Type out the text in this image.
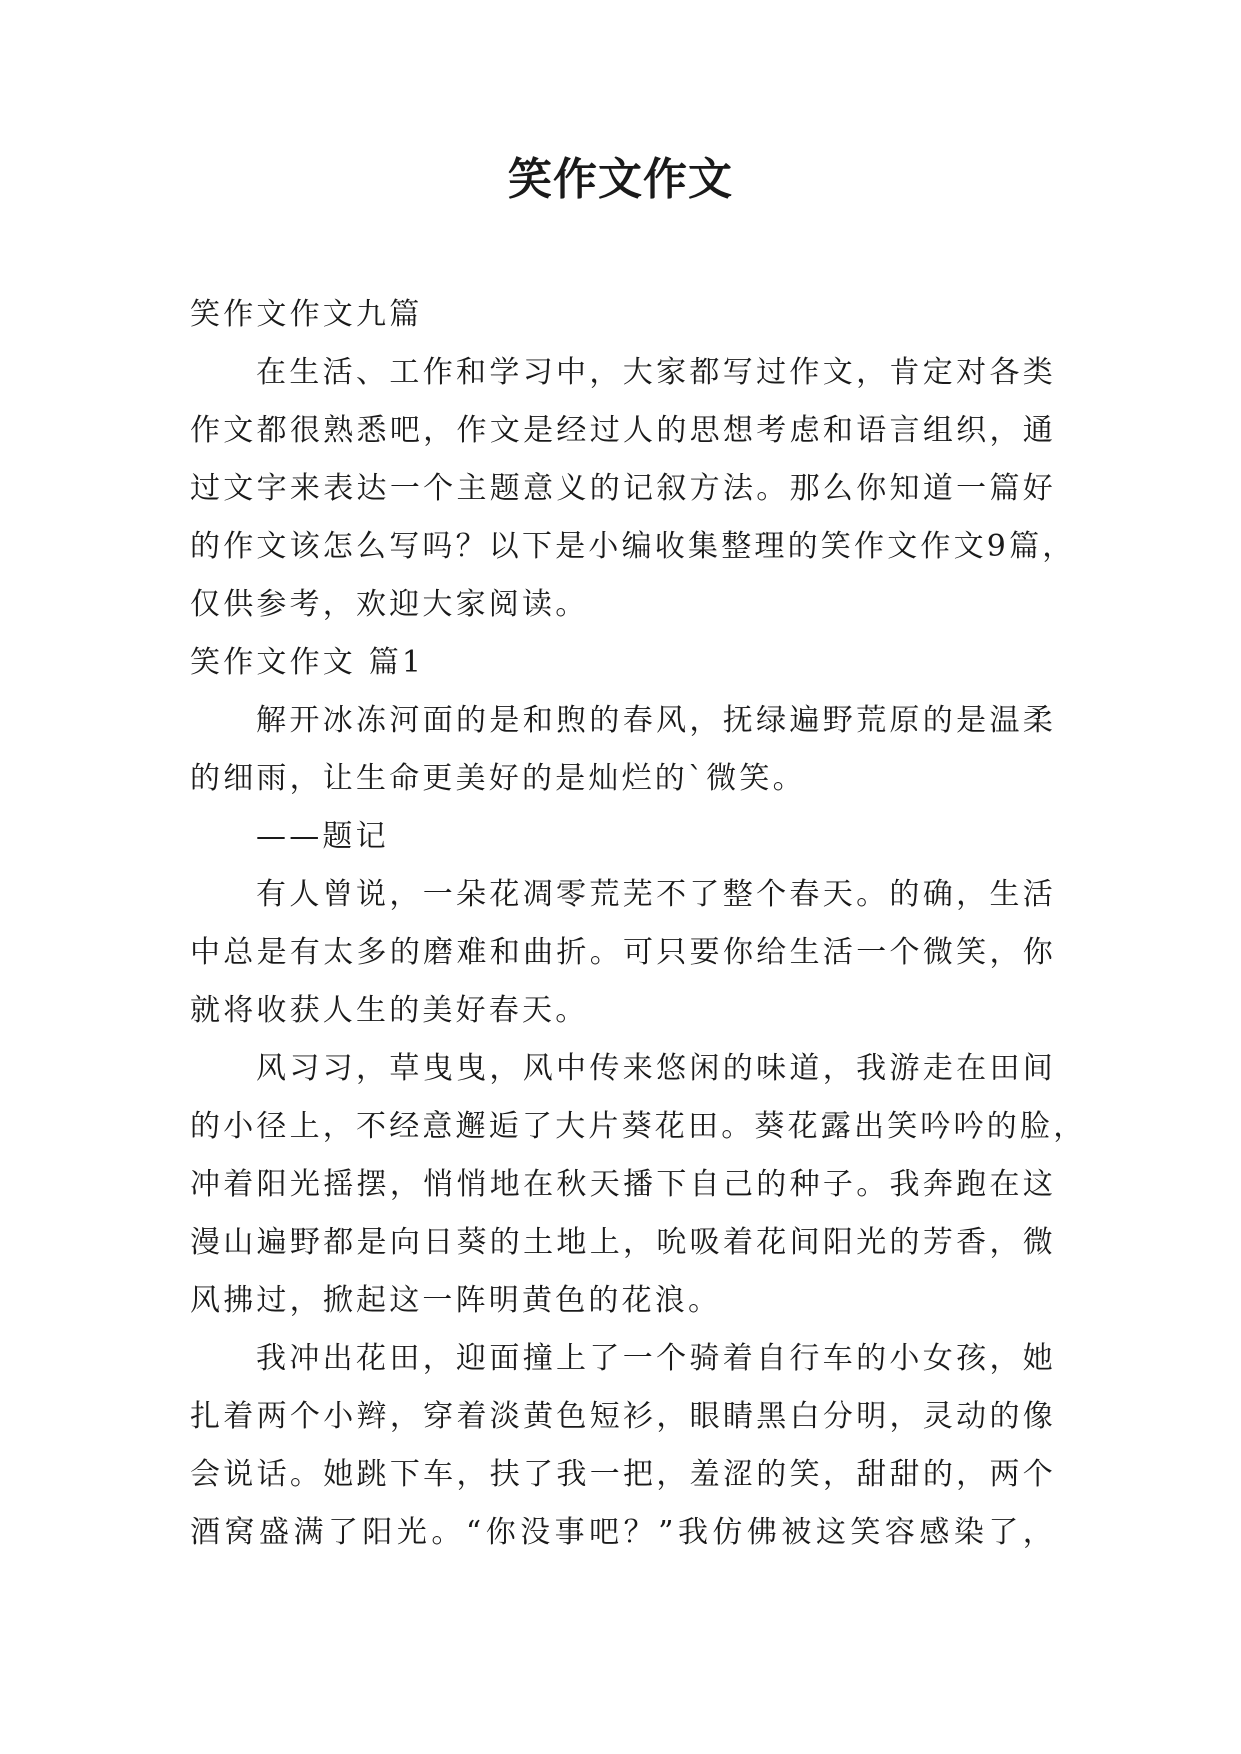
笑作文作文
笑作文作文九篇
在生活、工作和学习中，大家都写过作文，肯定对各类
作文都很熟悉吧，作文是经过人的思想考虑和语言组织，通
过文字来表达一个主题意义的记叙方法。那么你知道一篇好
的作文该怎么写吗？以下是小编收集整理的笑作文作文9篇，
仅供参考，欢迎大家阅读。
笑作文作文 篇1
解开冰冻河面的是和煦的春风，抚绿遍野荒原的是温柔
的细雨，让生命更美好的是灿烂的`微笑。
——题记
有人曾说，一朵花凋零荒芜不了整个春天。的确，生活
中总是有太多的磨难和曲折。可只要你给生活一个微笑，你
就将收获人生的美好春天。
风习习，草曳曳，风中传来悠闲的味道，我游走在田间
的小径上，不经意邂逅了大片葵花田。葵花露出笑吟吟的脸，
冲着阳光摇摆，悄悄地在秋天播下自己的种子。我奔跑在这
漫山遍野都是向日葵的土地上，吮吸着花间阳光的芳香，微
风拂过，掀起这一阵明黄色的花浪。
我冲出花田，迎面撞上了一个骑着自行车的小女孩，她
扎着两个小辫，穿着淡黄色短衫，眼睛黑白分明，灵动的像
会说话。她跳下车，扶了我一把，羞涩的笑，甜甜的，两个
酒窝盛满了阳光。“你没事吧？”我仿佛被这笑容感染了，
